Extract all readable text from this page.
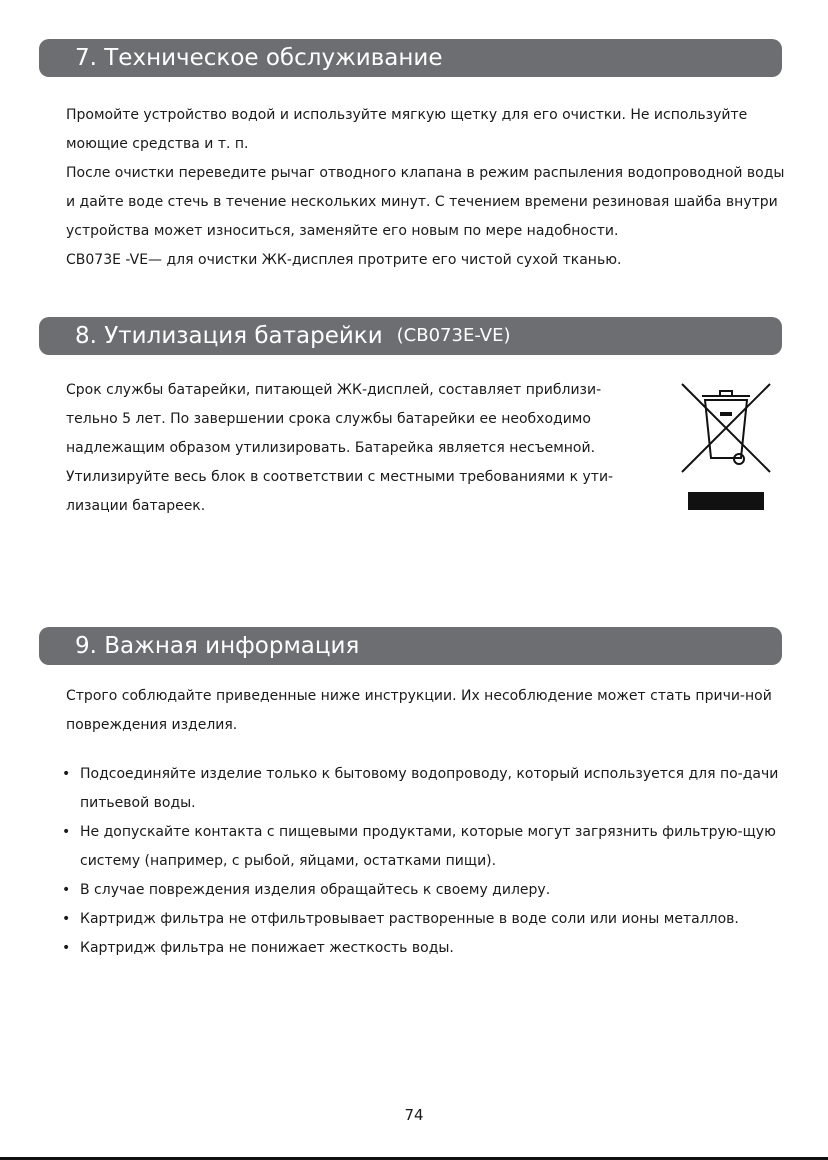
7. Техническое обслуживание

Промойте устройство водой и используйте мягкую щетку для его очистки. Не используйте моющие средства и т. п.

После очистки переведите рычаг отводного клапана в режим распыления водопроводной воды и дайте воде стечь в течение нескольких минут. С течением времени резиновая шайба внутри устройства может износиться, заменяйте его новым по мере надобности.

CB073E -VE— для очистки ЖК-дисплея протрите его чистой сухой тканью.

8. Утилизация батарейки (CB073E-VE)

Срок службы батарейки, питающей ЖК-дисплей, составляет приблизи-тельно 5 лет. По завершении срока службы батарейки ее необходимо надлежащим образом утилизировать. Батарейка является несъемной. Утилизируйте весь блок в соответствии с местными требованиями к ути-лизации батареек.

9. Важная информация

Строго соблюдайте приведенные ниже инструкции. Их несоблюдение может стать причи-ной повреждения изделия.

• Подсоединяйте изделие только к бытовому водопроводу, который используется для по-дачи питьевой воды.
• Не допускайте контакта с пищевыми продуктами, которые могут загрязнить фильтрую-щую систему (например, с рыбой, яйцами, остатками пищи).
• В случае повреждения изделия обращайтесь к своему дилеру.
• Картридж фильтра не отфильтровывает растворенные в воде соли или ионы металлов.
• Картридж фильтра не понижает жесткость воды.
74
